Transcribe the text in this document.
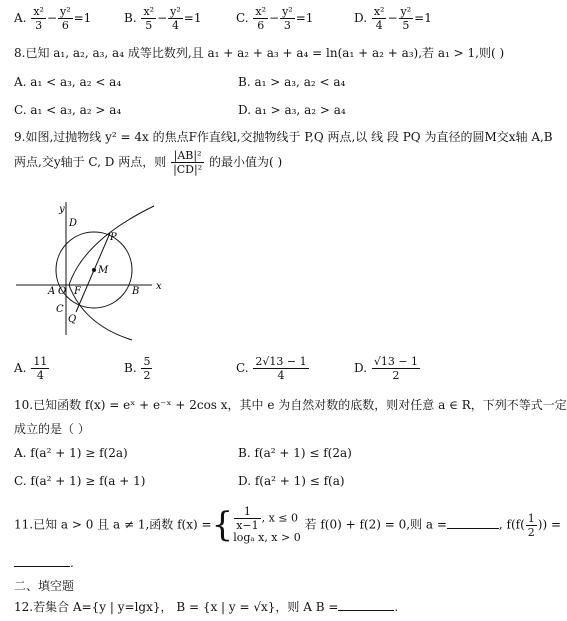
A. $\frac{\text{x²}}{3} - \frac{\text{y²}}{6} =1$	B. $\frac{\text{x²}}{5} - \frac{\text{y²}}{4} =1$	C. $\frac{\text{x²}}{6} - \frac{\text{y²}}{3} =1$	D. $\frac{\text{x²}}{4} - \frac{\text{y²}}{5} =1$
8.已知 a₁, a₂, a₃, a₄ 成等比数列,且 a₁ + a₂ + a₃ + a₄ = ln(a₁ + a₂ + a₃),若 a₁ > 1,则( )
A. a₁ < a₃, a₂ < a₄	B. a₁ > a₃, a₂ < a₄
C. a₁ < a₃, a₂ > a₄	D. a₁ > a₃, a₂ > a₄
9.如图,过抛物线 y² = 4x 的焦点F作直线l,交抛物线于 P,Q 两点,以 线 段 PQ 为直径的圆M交x轴 A,B
两点,交y轴于 C, D 两点，则 $\frac{\text{|AB|²}}{\text{|CD|²}}$ 的最小值为( )
y
x
D
P
M
A O F	B
C
Q
A. $\frac{11}{4}$	B. $\frac{5}{2}$	C. $\frac{2√13 - 1}{4}$	D. $\frac{√13 - 1}{2}$
10.已知函数 f(x) = eˣ + e⁻ˣ + 2cos x，其中 e 为自然对数的底数，则对任意 a ∈ R，下列不等式一定
成立的是（ ）
A. f(a² + 1) ≥ f(2a)	B. f(a² + 1) ≤ f(2a)
C. f(a² + 1) ≥ f(a + 1)	D. f(a² + 1) ≤ f(a)
11.已知 a > 0 且 a ≠ 1,函数 f(x) ={ $\frac{1}{x-1}$ , x ≤ 0
logₐ x, x > 0 若 f(0) + f(2) = 0,则 a =	, $f(f( \frac{1}{2}$ )) =
.
二、填空题
12.若集合 A={y | y=lgx}， B = {x | y = √x}，则 A B =	.
